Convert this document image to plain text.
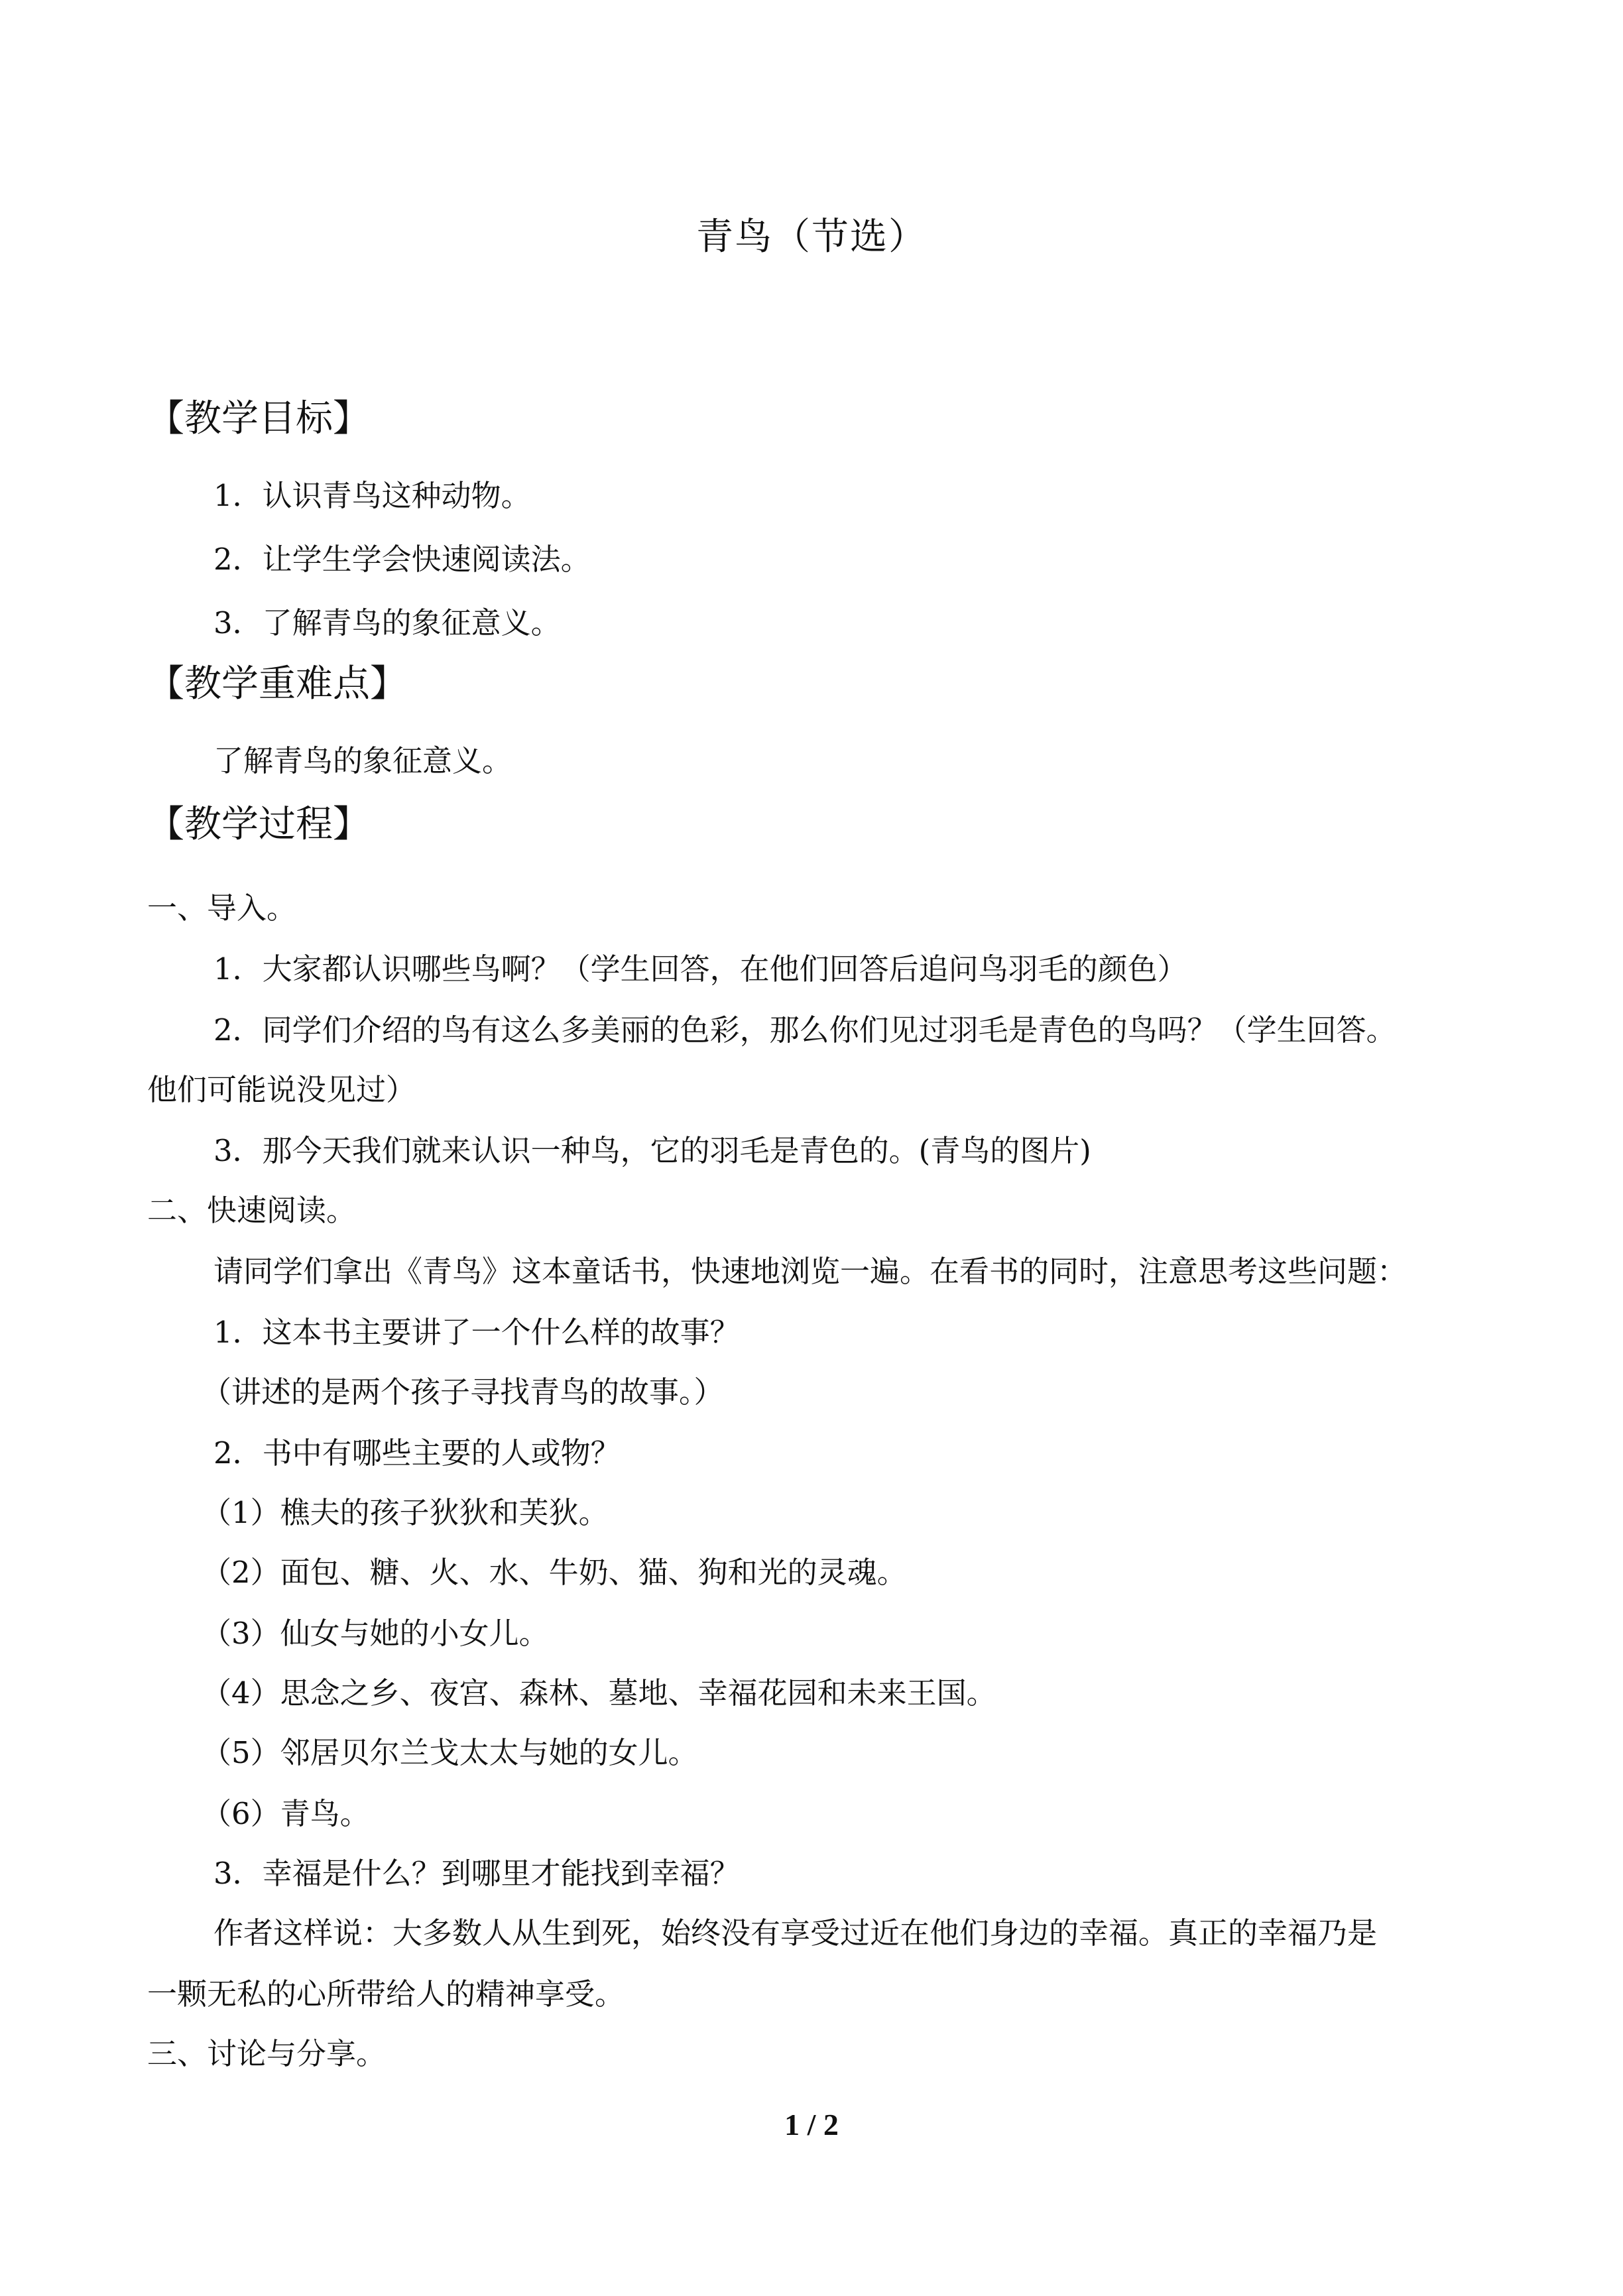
青鸟（节选）
【教学目标】
1．认识青鸟这种动物。
2．让学生学会快速阅读法。
3．了解青鸟的象征意义。
【教学重难点】
了解青鸟的象征意义。
【教学过程】
一、导入。
1．大家都认识哪些鸟啊？（学生回答，在他们回答后追问鸟羽毛的颜色）
2．同学们介绍的鸟有这么多美丽的色彩，那么你们见过羽毛是青色的鸟吗？（学生回答。
他们可能说没见过）
3．那今天我们就来认识一种鸟，它的羽毛是青色的。(青鸟的图片)
二、快速阅读。
请同学们拿出《青鸟》这本童话书，快速地浏览一遍。在看书的同时，注意思考这些问题：
1．这本书主要讲了一个什么样的故事？
（讲述的是两个孩子寻找青鸟的故事。）
2．书中有哪些主要的人或物？
（1）樵夫的孩子狄狄和芙狄。
（2）面包、糖、火、水、牛奶、猫、狗和光的灵魂。
（3）仙女与她的小女儿。
（4）思念之乡、夜宫、森林、墓地、幸福花园和未来王国。
（5）邻居贝尔兰戈太太与她的女儿。
（6）青鸟。
3．幸福是什么？到哪里才能找到幸福？
作者这样说：大多数人从生到死，始终没有享受过近在他们身边的幸福。真正的幸福乃是
一颗无私的心所带给人的精神享受。
三、讨论与分享。
1 / 2
